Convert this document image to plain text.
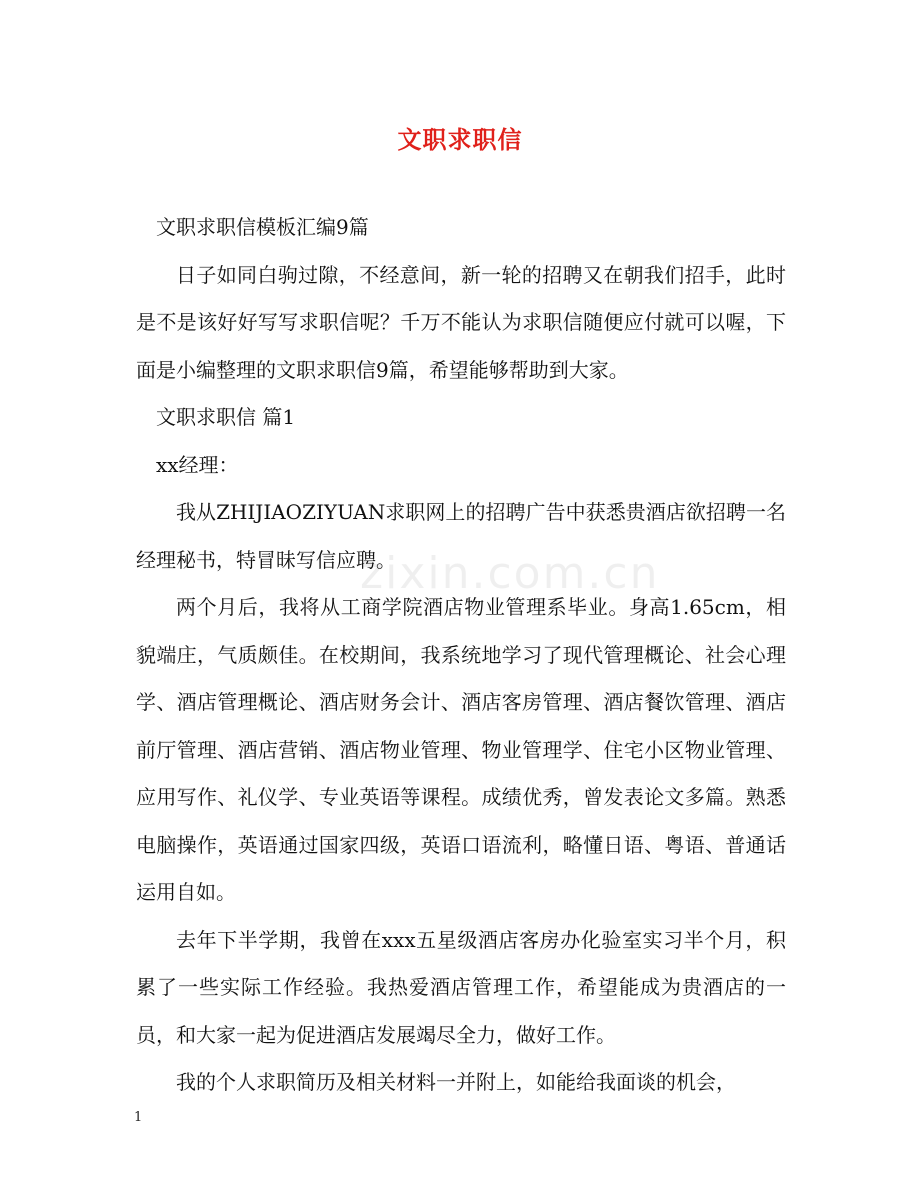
文职求职信

文职求职信模板汇编9篇

日子如同白驹过隙，不经意间，新一轮的招聘又在朝我们招手，此时是不是该好好写写求职信呢？千万不能认为求职信随便应付就可以喔，下面是小编整理的文职求职信9篇，希望能够帮助到大家。

文职求职信 篇1

xx经理：

我从ZHIJIAOZIYUAN求职网上的招聘广告中获悉贵酒店欲招聘一名经理秘书，特冒昧写信应聘。

两个月后，我将从工商学院酒店物业管理系毕业。身高1.65cm，相貌端庄，气质颇佳。在校期间，我系统地学习了现代管理概论、社会心理学、酒店管理概论、酒店财务会计、酒店客房管理、酒店餐饮管理、酒店前厅管理、酒店营销、酒店物业管理、物业管理学、住宅小区物业管理、应用写作、礼仪学、专业英语等课程。成绩优秀，曾发表论文多篇。熟悉电脑操作，英语通过国家四级，英语口语流利，略懂日语、粤语、普通话运用自如。

去年下半学期，我曾在xxx五星级酒店客房办化验室实习半个月，积累了一些实际工作经验。我热爱酒店管理工作，希望能成为贵酒店的一员，和大家一起为促进酒店发展竭尽全力，做好工作。

我的个人求职简历及相关材料一并附上，如能给我面谈的机会，

zixin.com.cn
1
